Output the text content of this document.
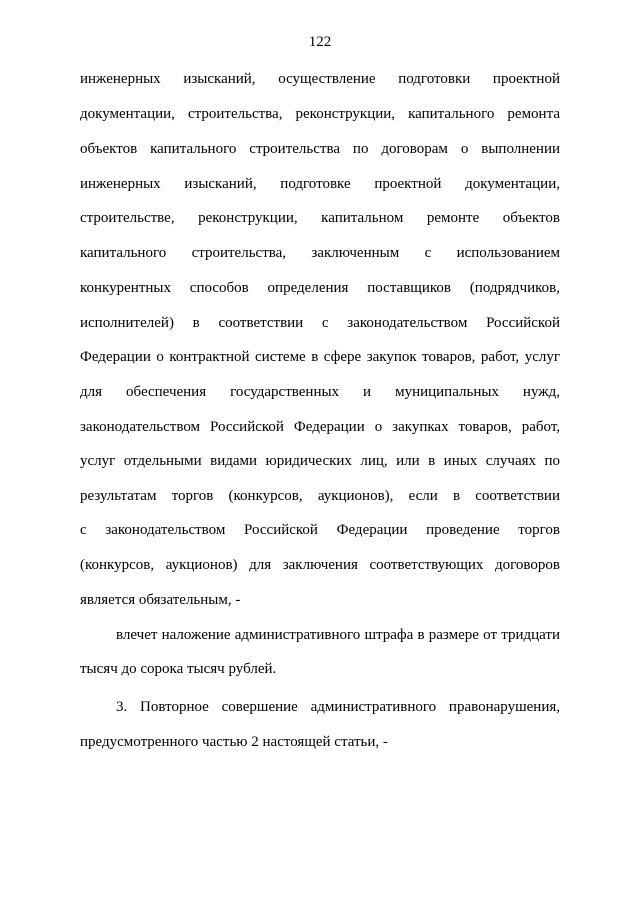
122
инженерных изысканий, осуществление подготовки проектной
документации, строительства, реконструкции, капитального ремонта
объектов капитального строительства по договорам о выполнении
инженерных изысканий, подготовке проектной документации,
строительстве, реконструкции, капитальном ремонте объектов
капитального строительства, заключенным с использованием
конкурентных способов определения поставщиков (подрядчиков,
исполнителей) в соответствии с законодательством Российской
Федерации о контрактной системе в сфере закупок товаров, работ, услуг
для обеспечения государственных и муниципальных нужд,
законодательством Российской Федерации о закупках товаров, работ,
услуг отдельными видами юридических лиц, или в иных случаях по
результатам торгов (конкурсов, аукционов), если в соответствии
с законодательством Российской Федерации проведение торгов
(конкурсов, аукционов) для заключения соответствующих договоров
является обязательным, -
влечет наложение административного штрафа в размере от тридцати
тысяч до сорока тысяч рублей.
3. Повторное совершение административного правонарушения,
предусмотренного частью 2 настоящей статьи, -
